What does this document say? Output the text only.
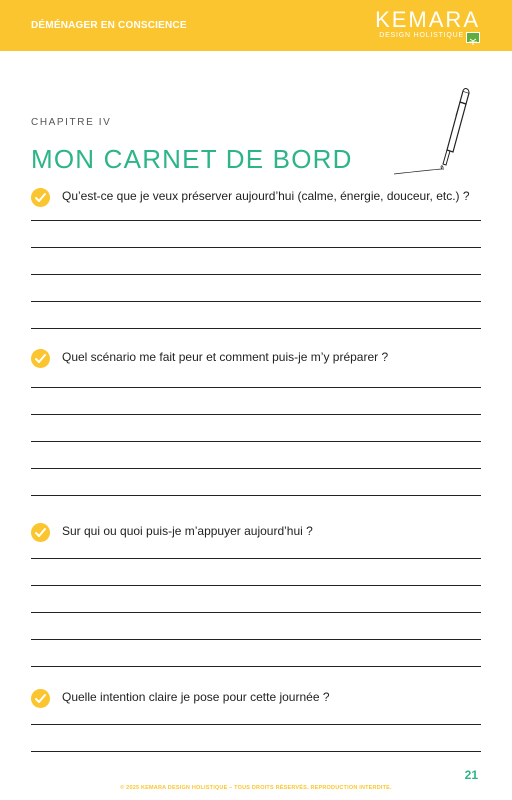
DÉMÉNAGER EN CONSCIENCE	KEMARA
DESIGN HOLISTIQUE
CHAPITRE IV
MON CARNET DE BORD
Qu’est-ce que je veux préserver aujourd’hui (calme, énergie, douceur, etc.) ?
Quel scénario me fait peur et comment puis-je m’y préparer ?
Sur qui ou quoi puis-je m’appuyer aujourd’hui ?
Quelle intention claire je pose pour cette journée ?
21
© 2025 KEMARA DESIGN HOLISTIQUE – TOUS DROITS RÉSERVÉS. REPRODUCTION INTERDITE.
